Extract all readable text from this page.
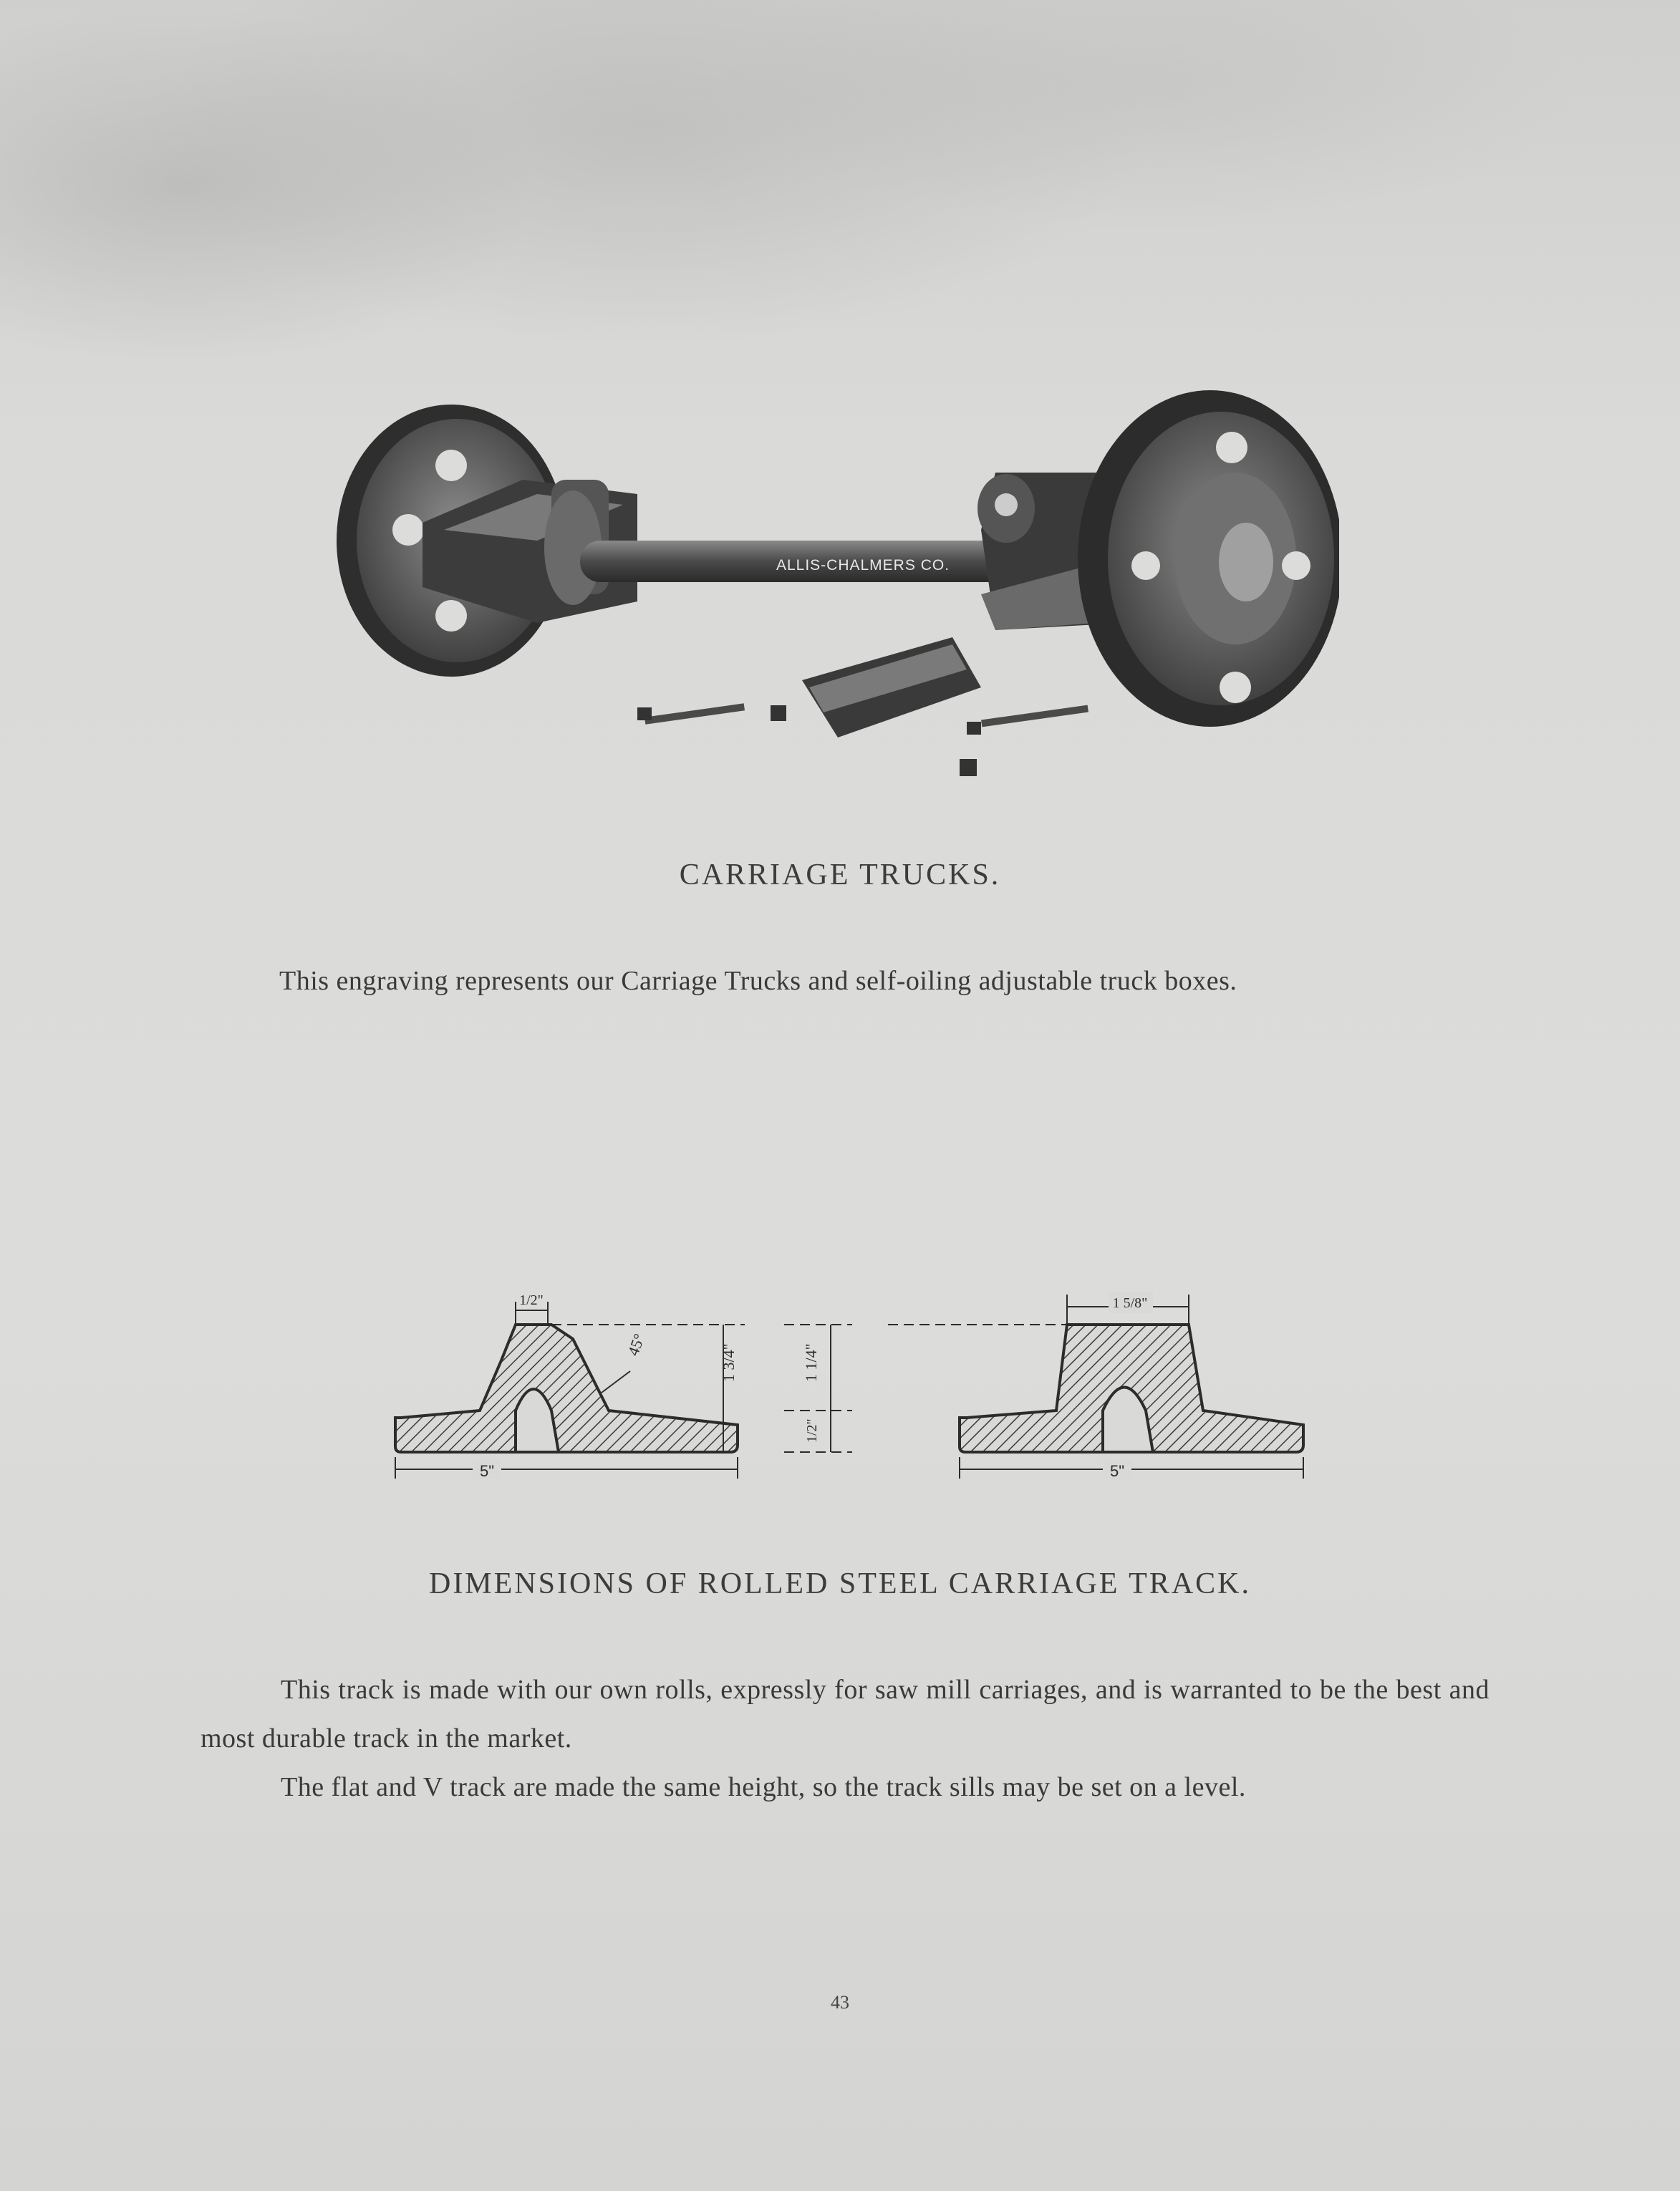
ALLIS-CHALMERS CO.
CARRIAGE TRUCKS.
This engraving represents our Carriage Trucks and self-oiling adjustable truck boxes.
1/2"
45°	1 3/4"
5"
1 1/4"
1/2"
1 5/8"
5"
DIMENSIONS OF ROLLED STEEL CARRIAGE TRACK.
This track is made with our own rolls, expressly for saw mill carriages, and is warranted to be the best and most durable track in the market.
The flat and V track are made the same height, so the track sills may be set on a level.
43
